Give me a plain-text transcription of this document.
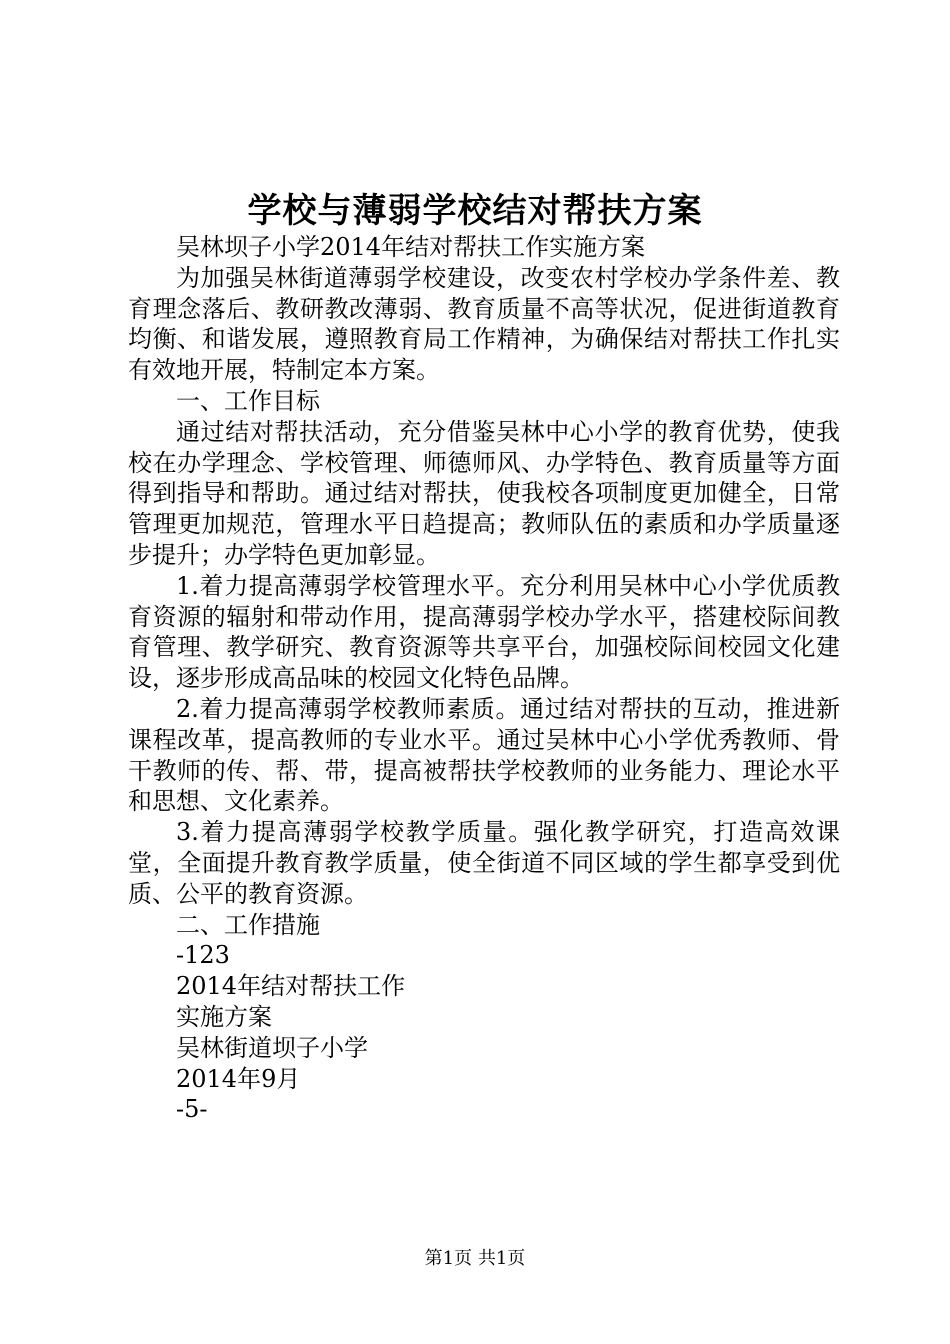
学校与薄弱学校结对帮扶方案
吴林坝子小学2014年结对帮扶工作实施方案
为加强吴林街道薄弱学校建设，改变农村学校办学条件差、教育理念落后、教研教改薄弱、教育质量不高等状况，促进街道教育均衡、和谐发展，遵照教育局工作精神，为确保结对帮扶工作扎实有效地开展，特制定本方案。
一、工作目标
通过结对帮扶活动，充分借鉴吴林中心小学的教育优势，使我校在办学理念、学校管理、师德师风、办学特色、教育质量等方面得到指导和帮助。通过结对帮扶，使我校各项制度更加健全，日常管理更加规范，管理水平日趋提高；教师队伍的素质和办学质量逐步提升；办学特色更加彰显。
1.着力提高薄弱学校管理水平。充分利用吴林中心小学优质教育资源的辐射和带动作用，提高薄弱学校办学水平，搭建校际间教育管理、教学研究、教育资源等共享平台，加强校际间校园文化建设，逐步形成高品味的校园文化特色品牌。
2.着力提高薄弱学校教师素质。通过结对帮扶的互动，推进新课程改革，提高教师的专业水平。通过吴林中心小学优秀教师、骨干教师的传、帮、带，提高被帮扶学校教师的业务能力、理论水平和思想、文化素养。
3.着力提高薄弱学校教学质量。强化教学研究，打造高效课堂，全面提升教育教学质量，使全街道不同区域的学生都享受到优质、公平的教育资源。
二、工作措施
-123
2014年结对帮扶工作
实施方案
吴林街道坝子小学
2014年9月
-5-
第1页 共1页
